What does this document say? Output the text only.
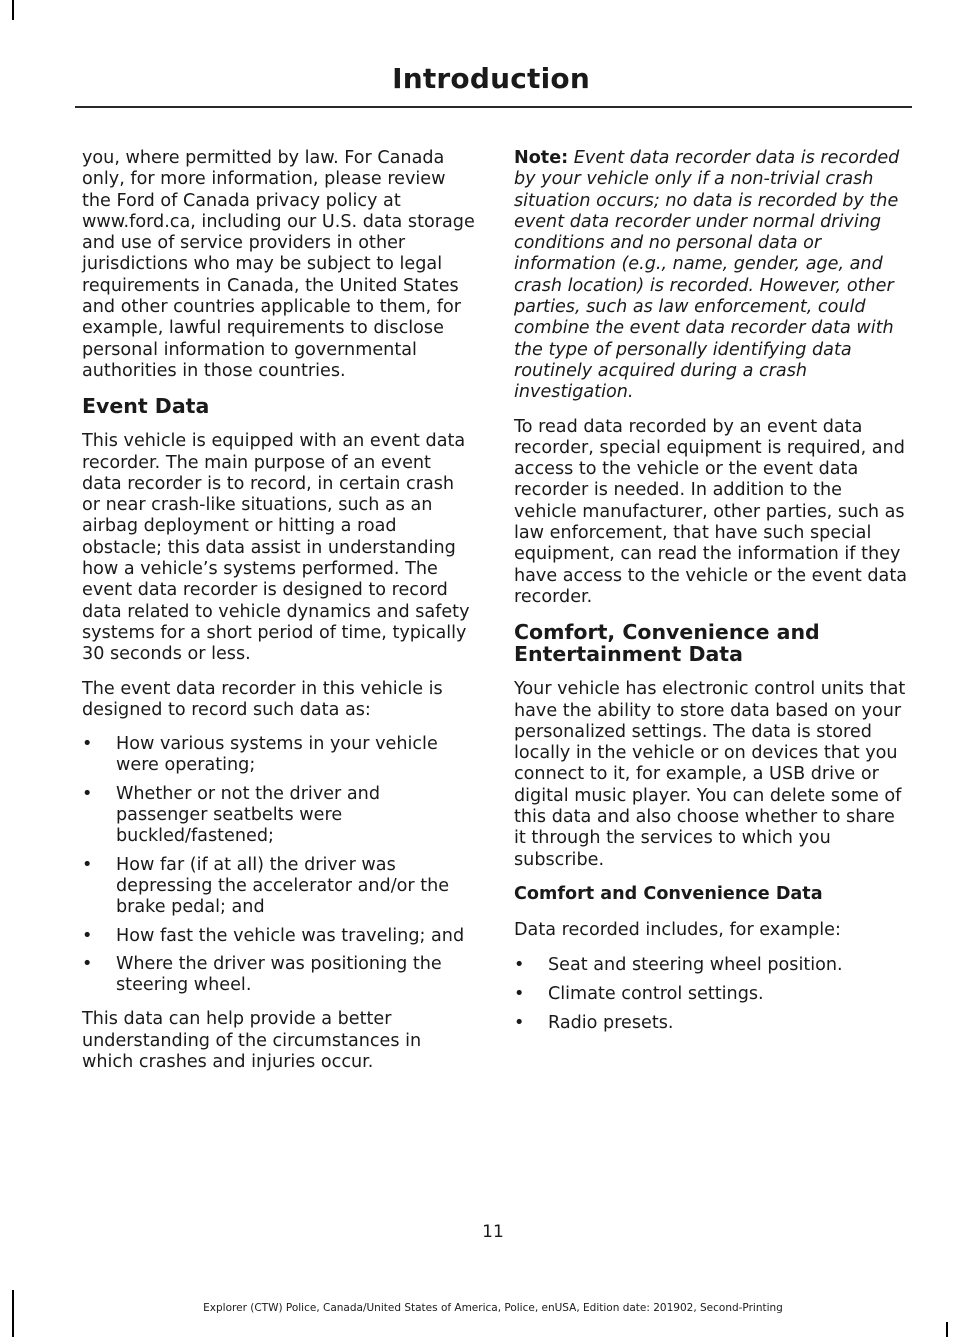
Introduction

you, where permitted by law. For Canada only, for more information, please review the Ford of Canada privacy policy at www.ford.ca, including our U.S. data storage and use of service providers in other jurisdictions who may be subject to legal requirements in Canada, the United States and other countries applicable to them, for example, lawful requirements to disclose personal information to governmental authorities in those countries.

Event Data

This vehicle is equipped with an event data recorder. The main purpose of an event data recorder is to record, in certain crash or near crash-like situations, such as an airbag deployment or hitting a road obstacle; this data assist in understanding how a vehicle’s systems performed. The event data recorder is designed to record data related to vehicle dynamics and safety systems for a short period of time, typically 30 seconds or less.

The event data recorder in this vehicle is designed to record such data as:

• How various systems in your vehicle were operating;
• Whether or not the driver and passenger seatbelts were buckled/fastened;
• How far (if at all) the driver was depressing the accelerator and/or the brake pedal; and
• How fast the vehicle was traveling; and
• Where the driver was positioning the steering wheel.

This data can help provide a better understanding of the circumstances in which crashes and injuries occur.

Note: Event data recorder data is recorded by your vehicle only if a non-trivial crash situation occurs; no data is recorded by the event data recorder under normal driving conditions and no personal data or information (e.g., name, gender, age, and crash location) is recorded. However, other parties, such as law enforcement, could combine the event data recorder data with the type of personally identifying data routinely acquired during a crash investigation.

To read data recorded by an event data recorder, special equipment is required, and access to the vehicle or the event data recorder is needed. In addition to the vehicle manufacturer, other parties, such as law enforcement, that have such special equipment, can read the information if they have access to the vehicle or the event data recorder.

Comfort, Convenience and Entertainment Data

Your vehicle has electronic control units that have the ability to store data based on your personalized settings. The data is stored locally in the vehicle or on devices that you connect to it, for example, a USB drive or digital music player. You can delete some of this data and also choose whether to share it through the services to which you subscribe.

Comfort and Convenience Data

Data recorded includes, for example:

• Seat and steering wheel position.
• Climate control settings.
• Radio presets.
11
Explorer (CTW) Police, Canada/United States of America, Police, enUSA, Edition date: 201902, Second-Printing
